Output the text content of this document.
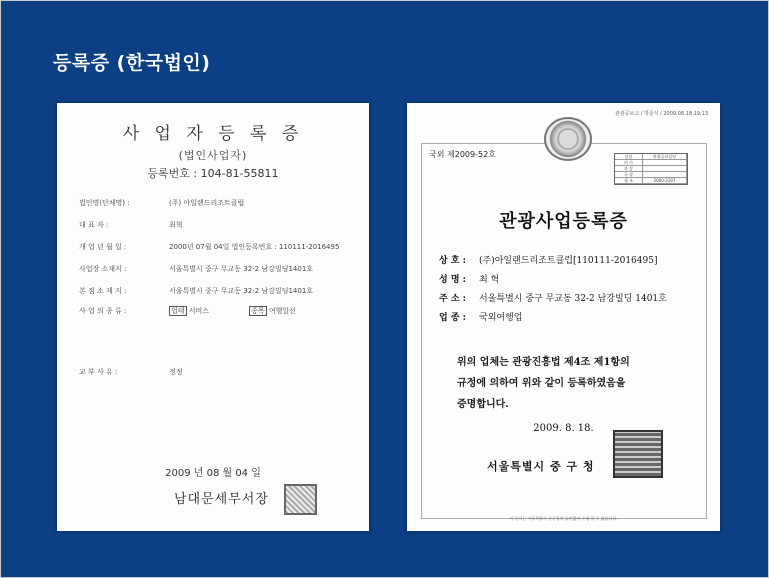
등록증 (한국법인)
사 업 자 등 록 증
(법인사업자)
등록번호 : 104-81-55811
법인명(단체명) :	(주) 아일랜드리조트클럽
대 표 자 :	최혁
개 업 년 월 일 :	2000년 07월 04일 법인등록번호 : 110111-2016495
사업장 소재지 :	서울특별시 중구 무교동 32-2 남강빌딩1401호
본 점 소 재 지 :	서울특별시 중구 무교동 32-2 남강빌딩1401호
사 업 의 종 류 :	업태 서비스	종목 여행알선
교 부 사 유 :	정정
2009 년 08 월 04 일
남대문세무서장
관광공보고 / 박문식 / 2009.08.18 19:13
국외 제2009-52호	담당	관광공보담당
허 가
과 장
국 장
협 조	2060-2197
관광사업등록증
상 호 : (주)아일랜드리조트클럽[110111-2016495]
성 명 : 최 혁
주 소 : 서울특별시 중구 무교동 32-2 남강빌딩 1401호
업 종 : 국외여행업
위의 업체는 관광진흥법 제4조 제1항의
규정에 의하여 위와 같이 등록하였음을
증명합니다.
2009. 8. 18.
서울특별시 중 구 청
이 문서는 서울특별시 중구청의 승인없이 수정 할 수 없습니다.
